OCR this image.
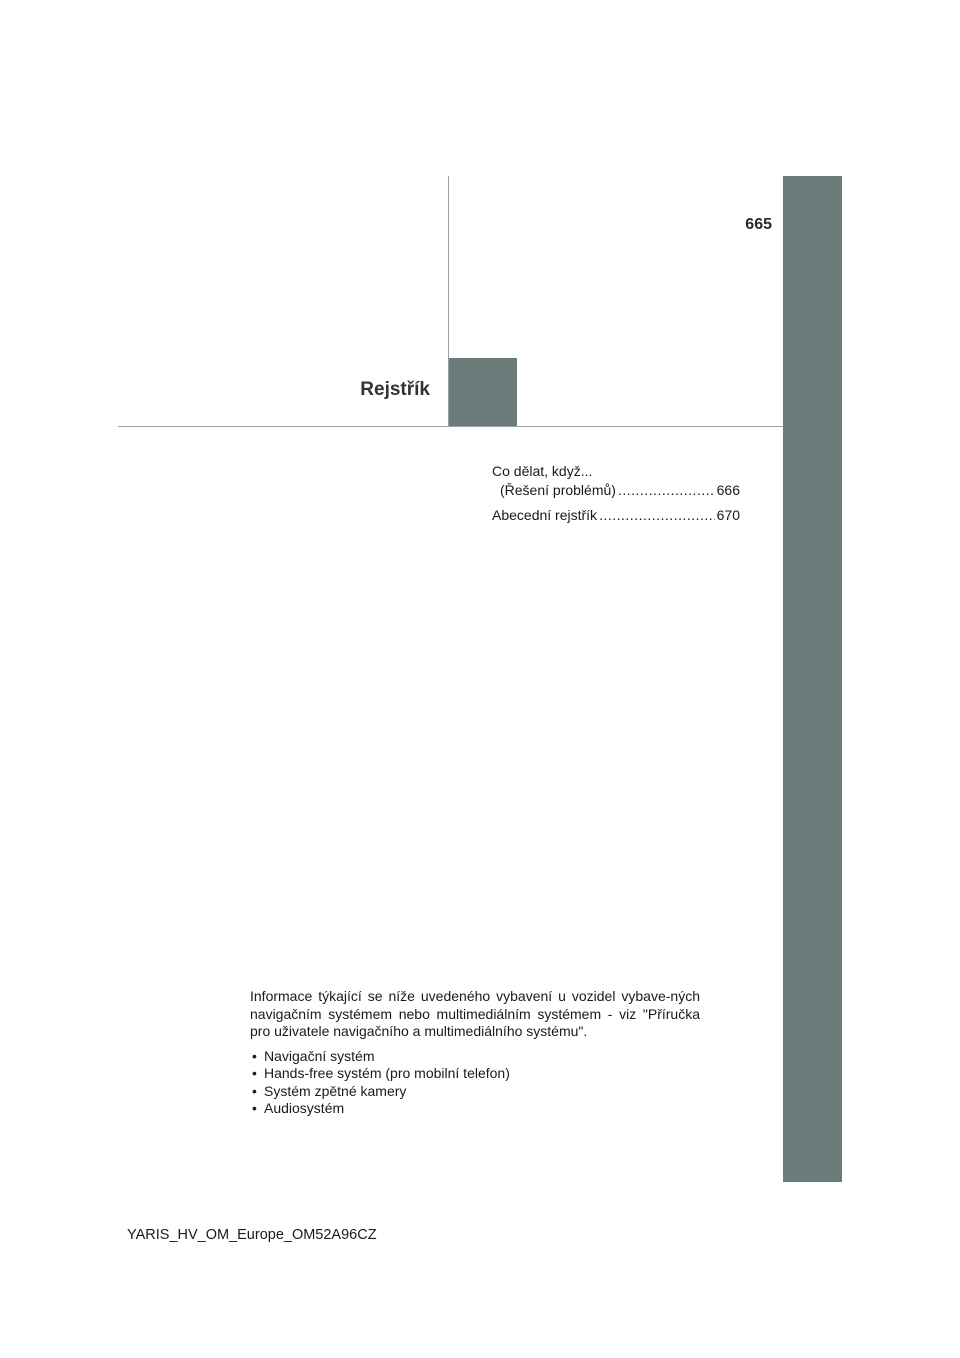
665
Rejstřík
Co dělat, když...
(Řešení problémů) .....	666
Abecední rejstřík .....	670

Informace týkající se níže uvedeného vybavení u vozidel vybave-ných navigačním systémem nebo multimediálním systémem - viz "Příručka pro uživatele navigačního a multimediálního systému".

• Navigační systém
• Hands-free systém (pro mobilní telefon)
• Systém zpětné kamery
• Audiosystém
YARIS_HV_OM_Europe_OM52A96CZ
